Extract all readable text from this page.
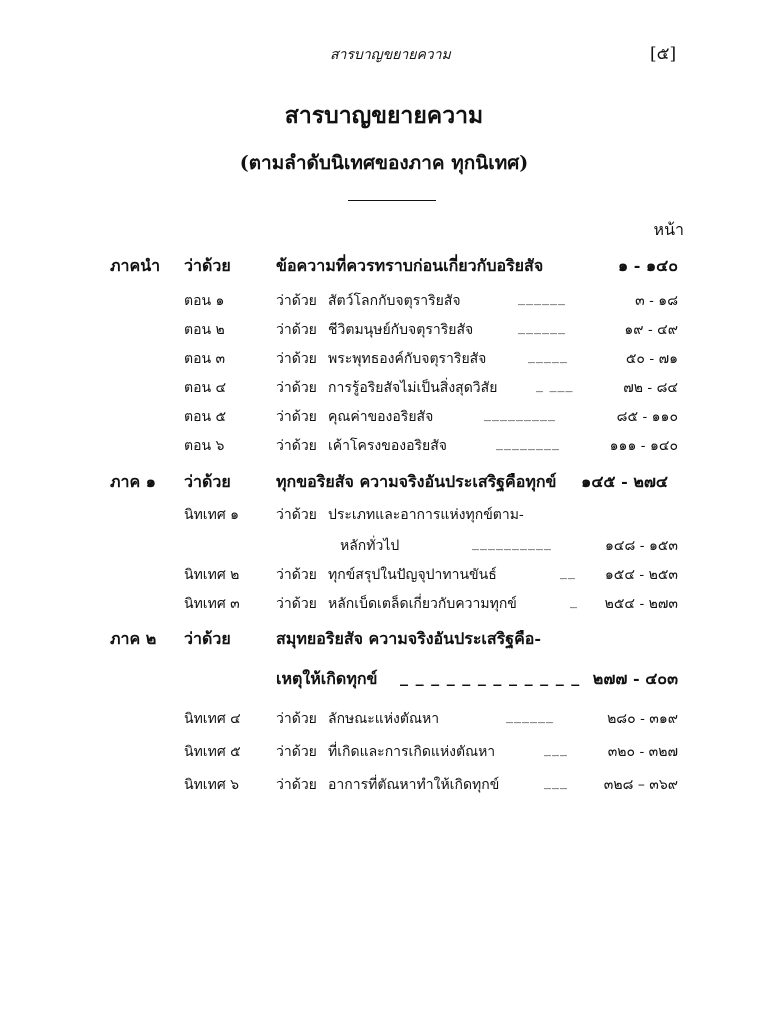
สารบาญขยายความ	[๕]
สารบาญขยายความ
(ตามลำดับนิเทศของภาค ทุกนิเทศ)
หน้า
ภาคนำ ว่าด้วย	ข้อความที่ควรทราบก่อนเกี่ยวกับอริยสัจ	๑ - ๑๔๐
ตอน ๑	ว่าด้วย สัตว์โลกกับจตุราริยสัจ	______	๓ - ๑๘
ตอน ๒	ว่าด้วย ชีวิตมนุษย์กับจตุราริยสัจ	______	๑๙ - ๔๙
ตอน ๓	ว่าด้วย พระพุทธองค์กับจตุราริยสัจ	_____	๕๐ - ๗๑
ตอน ๔	ว่าด้วย การรู้อริยสัจไม่เป็นสิ่งสุดวิสัย	_ ___	๗๒ - ๘๔
ตอน ๕	ว่าด้วย คุณค่าของอริยสัจ	_________	๘๕ - ๑๑๐
ตอน ๖	ว่าด้วย เค้าโครงของอริยสัจ	________	๑๑๑ - ๑๔๐
ภาค ๑ ว่าด้วย	ทุกขอริยสัจ ความจริงอันประเสริฐคือทุกข์ ๑๔๕ - ๒๗๔
นิทเทศ ๑	ว่าด้วย ประเภทและอาการแห่งทุกข์ตาม-
หลักทั่วไป	__________	๑๔๘ - ๑๕๓
นิทเทศ ๒	ว่าด้วย ทุกข์สรุปในปัญจุปาทานขันธ์	__ ๑๕๔ - ๒๕๓
นิทเทศ ๓	ว่าด้วย หลักเบ็ดเตล็ดเกี่ยวกับความทุกข์	_ ๒๕๔ - ๒๗๓
ภาค ๒ ว่าด้วย	สมุทยอริยสัจ ความจริงอันประเสริฐคือ-
เหตุให้เกิดทุกข์ _ _ _ _ _ _ _ _ _ _ _ _ ๒๗๗ - ๔๐๓
นิทเทศ ๔	ว่าด้วย ลักษณะแห่งตัณหา	______	๒๘๐ - ๓๑๙
นิทเทศ ๕	ว่าด้วย ที่เกิดและการเกิดแห่งตัณหา	___	๓๒๐ - ๓๒๗
นิทเทศ ๖	ว่าด้วย อาการที่ตัณหาทำให้เกิดทุกข์	___	๓๒๘ – ๓๖๙
